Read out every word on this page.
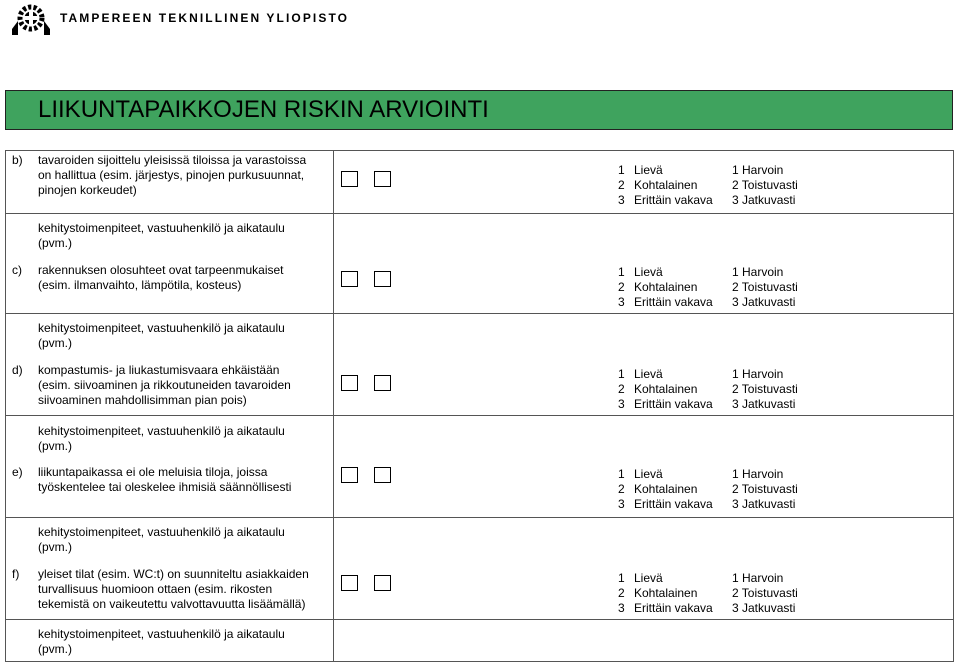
TAMPEREEN TEKNILLINEN YLIOPISTO
LIIKUNTAPAIKKOJEN RISKIN ARVIOINTI
b) tavaroiden sijoittelu yleisissä tiloissa ja varastoissa
on hallittua (esim. järjestys, pinojen purkusuunnat,
pinojen korkeudet)
1 Lievä
2 Kohtalainen
3 Erittäin vakava
1 Harvoin
2 Toistuvasti
3 Jatkuvasti
kehitystoimenpiteet, vastuuhenkilö ja aikataulu
(pvm.)
c) rakennuksen olosuhteet ovat tarpeenmukaiset
(esim. ilmanvaihto, lämpötila, kosteus)
1 Lievä
2 Kohtalainen
3 Erittäin vakava
1 Harvoin
2 Toistuvasti
3 Jatkuvasti
kehitystoimenpiteet, vastuuhenkilö ja aikataulu
(pvm.)
d) kompastumis- ja liukastumisvaara ehkäistään
(esim. siivoaminen ja rikkoutuneiden tavaroiden
siivoaminen mahdollisimman pian pois)
1 Lievä
2 Kohtalainen
3 Erittäin vakava
1 Harvoin
2 Toistuvasti
3 Jatkuvasti
kehitystoimenpiteet, vastuuhenkilö ja aikataulu
(pvm.)
e) liikuntapaikassa ei ole meluisia tiloja, joissa
työskentelee tai oleskelee ihmisiä säännöllisesti
1 Lievä
2 Kohtalainen
3 Erittäin vakava
1 Harvoin
2 Toistuvasti
3 Jatkuvasti
kehitystoimenpiteet, vastuuhenkilö ja aikataulu
(pvm.)
f) yleiset tilat (esim. WC:t) on suunniteltu asiakkaiden
turvallisuus huomioon ottaen (esim. rikosten
tekemistä on vaikeutettu valvottavuutta lisäämällä)
1 Lievä
2 Kohtalainen
3 Erittäin vakava
1 Harvoin
2 Toistuvasti
3 Jatkuvasti
kehitystoimenpiteet, vastuuhenkilö ja aikataulu
(pvm.)
